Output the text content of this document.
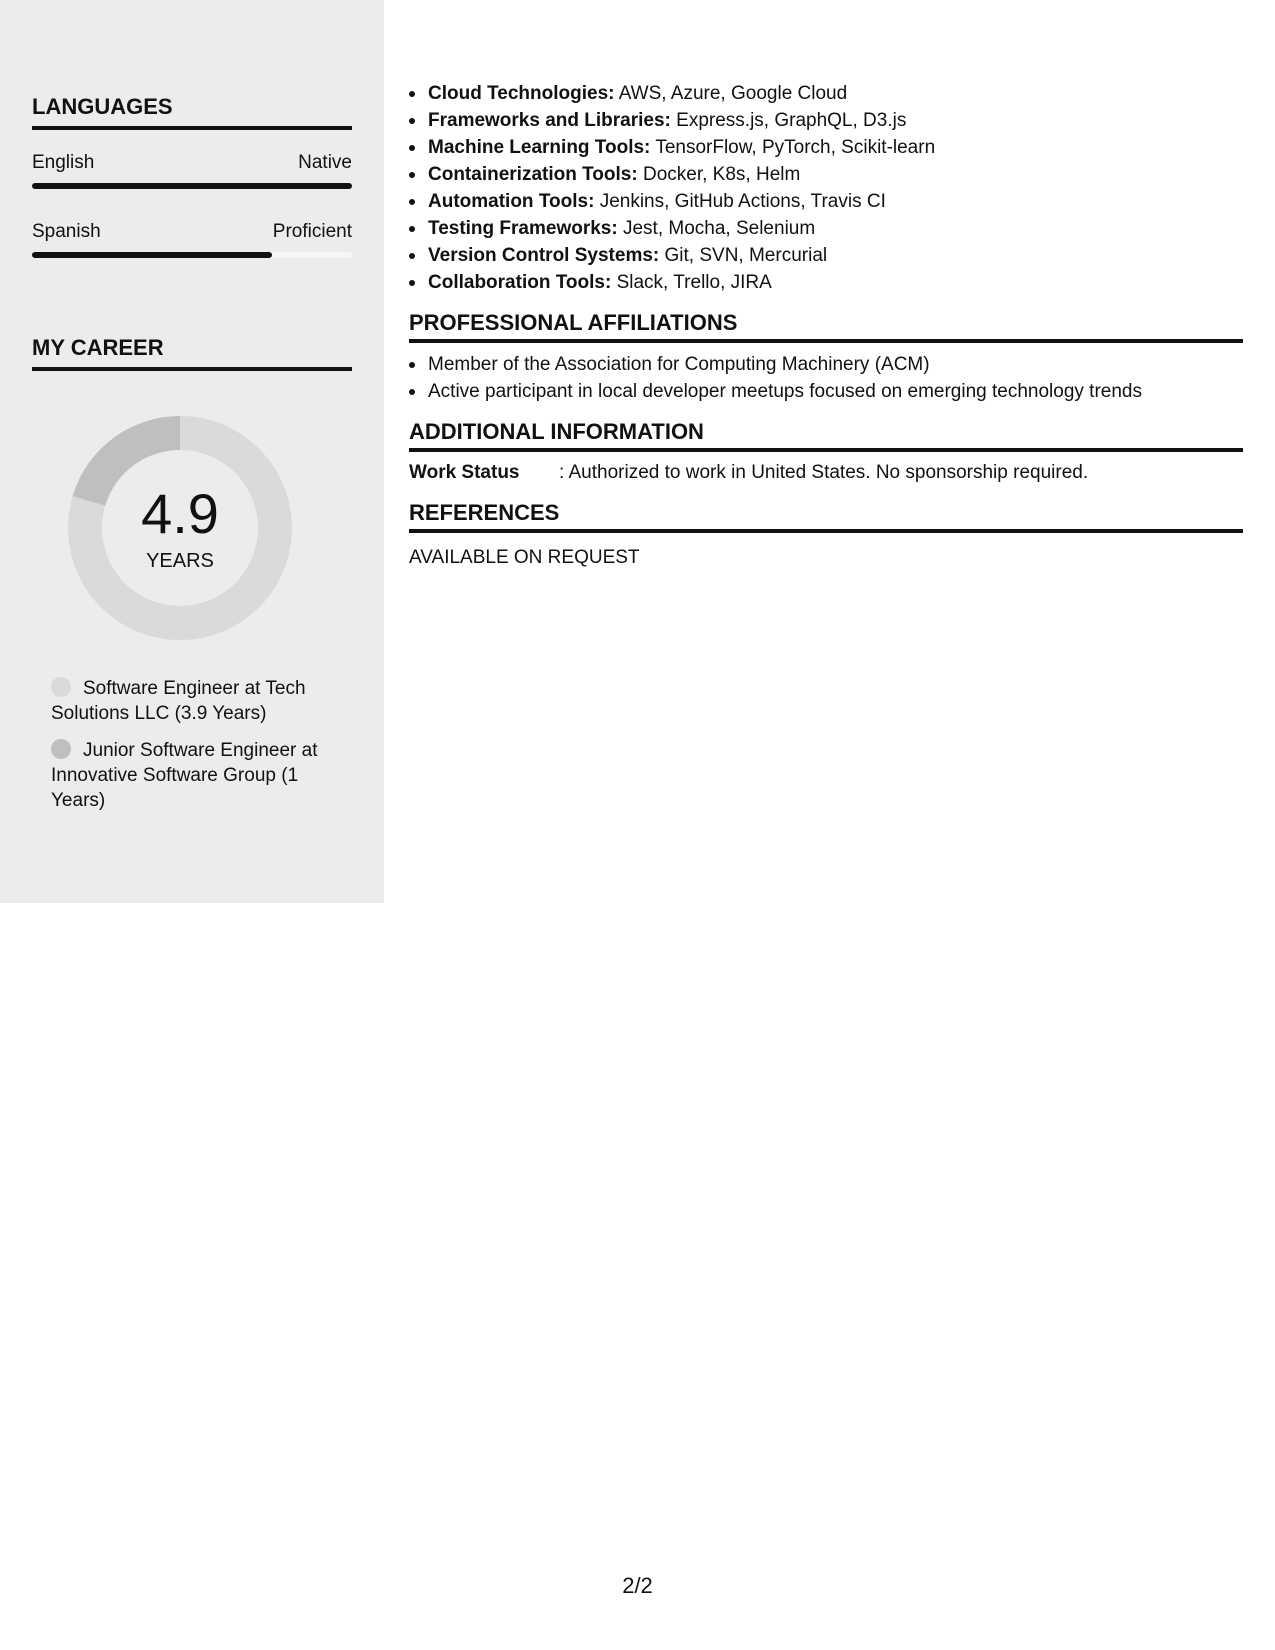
LANGUAGES
English	Native
Spanish	Proficient
MY CAREER
4.9
YEARS
Software Engineer at Tech Solutions LLC (3.9 Years)
Junior Software Engineer at Innovative Software Group (1 Years)
Cloud Technologies: AWS, Azure, Google Cloud
Frameworks and Libraries: Express.js, GraphQL, D3.js
Machine Learning Tools: TensorFlow, PyTorch, Scikit-learn
Containerization Tools: Docker, K8s, Helm
Automation Tools: Jenkins, GitHub Actions, Travis CI
Testing Frameworks: Jest, Mocha, Selenium
Version Control Systems: Git, SVN, Mercurial
Collaboration Tools: Slack, Trello, JIRA
PROFESSIONAL AFFILIATIONS
Member of the Association for Computing Machinery (ACM)
Active participant in local developer meetups focused on emerging technology trends
ADDITIONAL INFORMATION
Work Status	: Authorized to work in United States. No sponsorship required.
REFERENCES
AVAILABLE ON REQUEST
2/2
